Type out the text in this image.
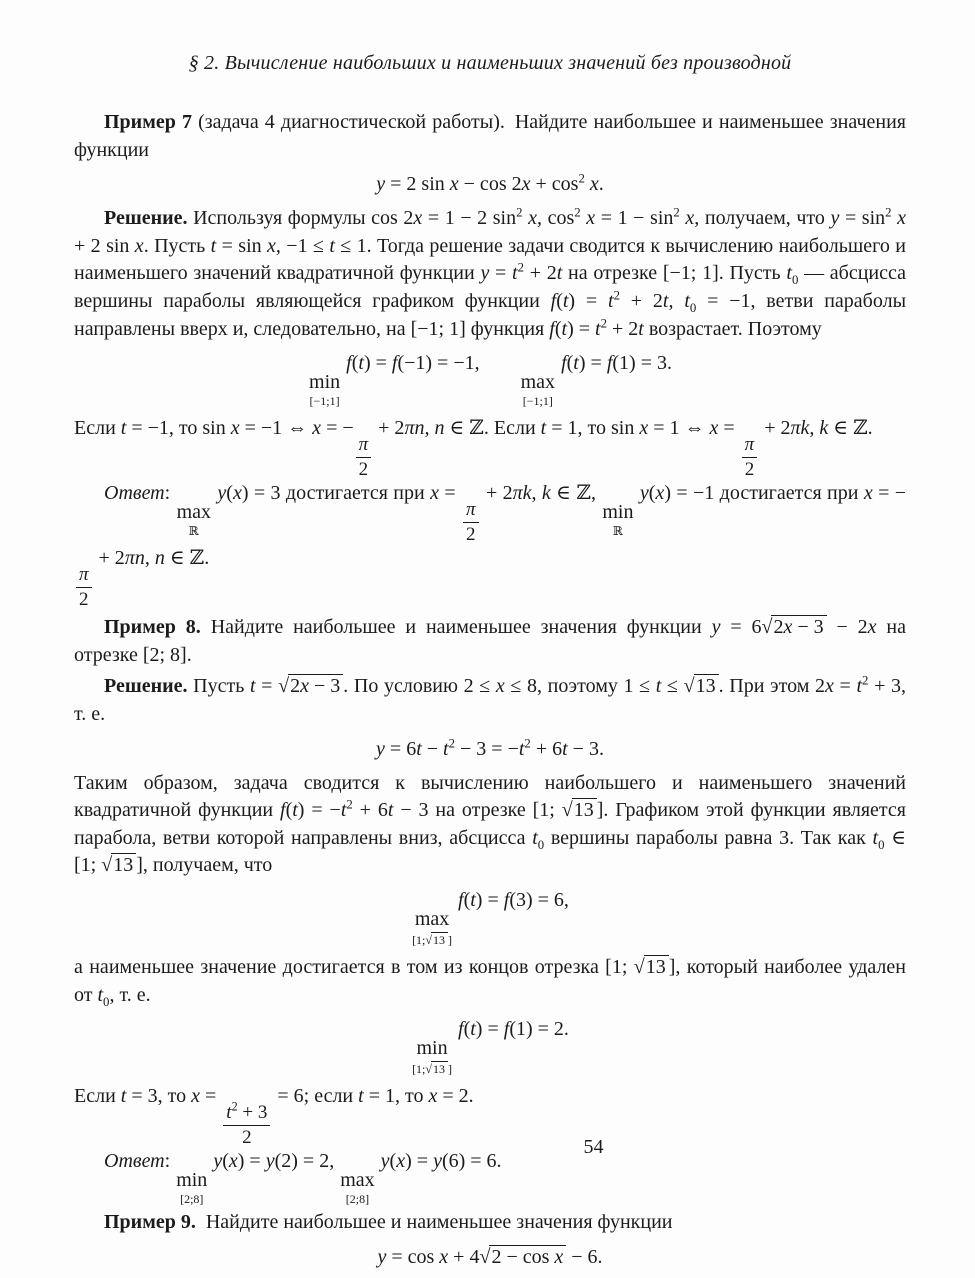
§ 2. Вычисление наибольших и наименьших значений без производной
Пример 7 (задача 4 диагностической работы). Найдите наибольшее и наименьшее значения функции
y = 2 $\sin x - \cos 2x + \cos^2 x$.
Решение. Используя формулы cos 2x = 1 − 2 $\sin^2 x$, $\cos^2 x = 1 - \sin^2 x$, получаем, что $y = \sin^2 x + 2$ sin x. Пусть t = sin x, −1 ≤ t ≤ 1. Тогда решение задачи сводится к вычислению наибольшего и наименьшего значений квадратичной функции $y = t^2 + 2t$ на отрезке [−1; 1]. Пусть $t_0$ — абсцисса вершины параболы являющейся графиком функции $f(t) = t^2 + 2t$, $t_0 = -1$, ветви параболы направлены вверх и, следовательно, на [−1; 1] функция $f(t) = t^2 + 2t$ возрастает. Поэтому
min
[−1;1]
f(t) = f(−1) = −1,  
max
[−1;1]
f(t) = f(1) = 3.
Если t = −1, то sin x = −1 ⇔ x = −
$\frac{\pi}{2}$
+ 2πn, n ∈ ℤ. Если t = 1, то sin x = 1 ⇔ x =
$\frac{\pi}{2}$
+ 2πk, k ∈ ℤ.
Ответ:
max
ℝ
y(x) = 3 достигается при x =
$\frac{\pi}{2}$
+ 2πk, k ∈ ℤ,
min
ℝ
y(x) = −1 достигается при x = −
$\frac{\pi}{2}$
+ 2πn, n ∈ ℤ.
Пример 8. Найдите наибольшее и наименьшее значения функции y = 6√2x − 3 − 2x на отрезке [2; 8].
Решение. Пусть t = √2x − 3 . По условию 2 ≤ x ≤ 8, поэтому 1 ≤ t ≤ √13 . При этом $2x = t^2 + 3$, т. е.
$y = 6t - t^2 - 3 = -t^2 + 6t - 3$.
Таким образом, задача сводится к вычислению наибольшего и наименьшего значений квадратичной функции $f(t) = -t^2 + 6t - 3$ на отрезке [1; √13 ]. Графиком этой функции является парабола, ветви которой направлены вниз, абсцисса $t_0$ вершины параболы равна 3. Так как $t_0$ ∈ [1; √13 ], получаем, что
max
[1;√13 ]
f(t) = f(3) = 6,
а наименьшее значение достигается в том из концов отрезка [1; √13 ], который наиболее удален от $t_0$, т. е.
min
[1;√13 ]
f(t) = f(1) = 2.
Если t = 3, то x =
$\frac{t^2 + 3}{2}$
= 6; если t = 1, то x = 2.
Ответ:
min
[2;8]
y(x) = y(2) = 2,
max
[2;8]
y(x) = y(6) = 6.
Пример 9. Найдите наибольшее и наименьшее значения функции
y = cos x + 4√2 − cos x − 6.
54
